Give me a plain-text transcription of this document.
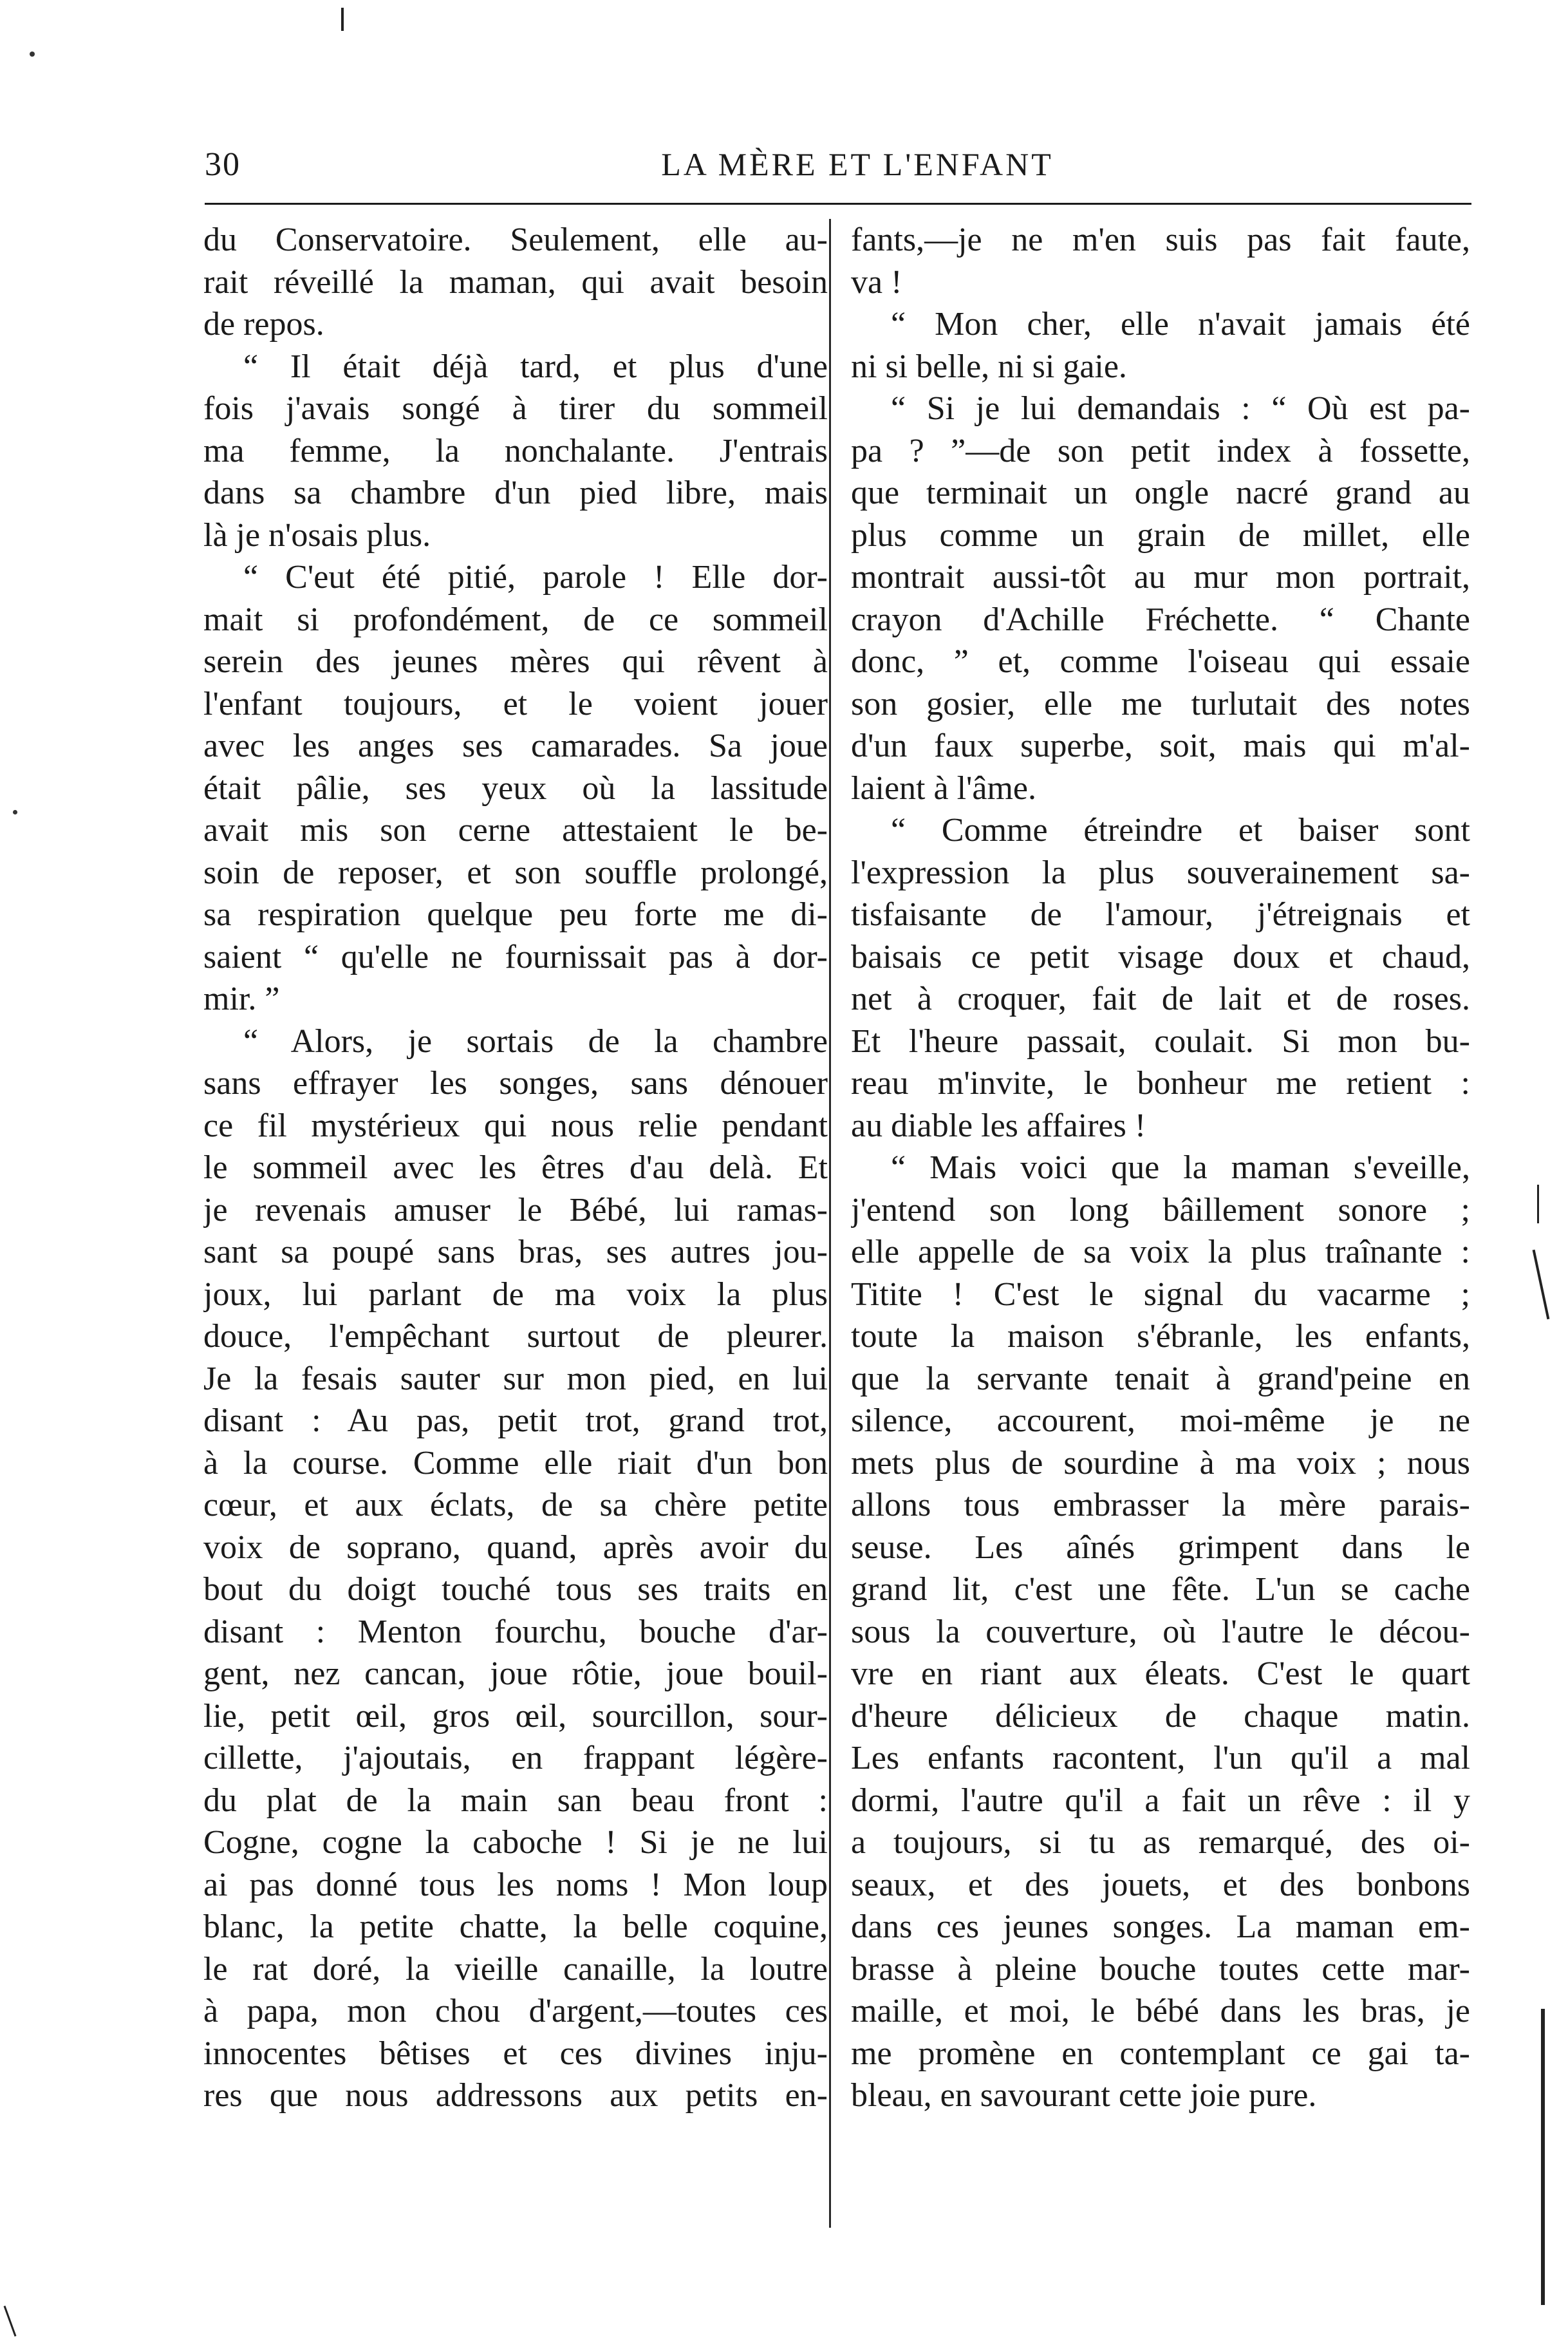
30	LA MÈRE ET L'ENFANT
du Conservatoire. Seulement, elle au-
rait réveillé la maman, qui avait besoin
de repos.
“ Il était déjà tard, et plus d'une
fois j'avais songé à tirer du sommeil
ma femme, la nonchalante. J'entrais
dans sa chambre d'un pied libre, mais
là je n'osais plus.
“ C'eut été pitié, parole ! Elle dor-
mait si profondément, de ce sommeil
serein des jeunes mères qui rêvent à
l'enfant toujours, et le voient jouer
avec les anges ses camarades. Sa joue
était pâlie, ses yeux où la lassitude
avait mis son cerne attestaient le be-
soin de reposer, et son souffle prolongé,
sa respiration quelque peu forte me di-
saient “ qu'elle ne fournissait pas à dor-
mir. ”
“ Alors, je sortais de la chambre
sans effrayer les songes, sans dénouer
ce fil mystérieux qui nous relie pendant
le sommeil avec les êtres d'au delà. Et
je revenais amuser le Bébé, lui ramas-
sant sa poupé sans bras, ses autres jou-
joux, lui parlant de ma voix la plus
douce, l'empêchant surtout de pleurer.
Je la fesais sauter sur mon pied, en lui
disant : Au pas, petit trot, grand trot,
à la course. Comme elle riait d'un bon
cœur, et aux éclats, de sa chère petite
voix de soprano, quand, après avoir du
bout du doigt touché tous ses traits en
disant : Menton fourchu, bouche d'ar-
gent, nez cancan, joue rôtie, joue bouil-
lie, petit œil, gros œil, sourcillon, sour-
cillette, j'ajoutais, en frappant légère-
du plat de la main san beau front :
Cogne, cogne la caboche ! Si je ne lui
ai pas donné tous les noms ! Mon loup
blanc, la petite chatte, la belle coquine,
le rat doré, la vieille canaille, la loutre
à papa, mon chou d'argent,—toutes ces
innocentes bêtises et ces divines inju-
res que nous addressons aux petits en-
fants,—je ne m'en suis pas fait faute,
va !
“ Mon cher, elle n'avait jamais été
ni si belle, ni si gaie.
“ Si je lui demandais : “ Où est pa-
pa ? ”—de son petit index à fossette,
que terminait un ongle nacré grand au
plus comme un grain de millet, elle
montrait aussi-tôt au mur mon portrait,
crayon d'Achille Fréchette. “ Chante
donc, ” et, comme l'oiseau qui essaie
son gosier, elle me turlutait des notes
d'un faux superbe, soit, mais qui m'al-
laient à l'âme.
“ Comme étreindre et baiser sont
l'expression la plus souverainement sa-
tisfaisante de l'amour, j'étreignais et
baisais ce petit visage doux et chaud,
net à croquer, fait de lait et de roses.
Et l'heure passait, coulait. Si mon bu-
reau m'invite, le bonheur me retient :
au diable les affaires !
“ Mais voici que la maman s'eveille,
j'entend son long bâillement sonore ;
elle appelle de sa voix la plus traînante :
Titite ! C'est le signal du vacarme ;
toute la maison s'ébranle, les enfants,
que la servante tenait à grand'peine en
silence, accourent, moi-même je ne
mets plus de sourdine à ma voix ; nous
allons tous embrasser la mère parais-
seuse. Les aînés grimpent dans le
grand lit, c'est une fête. L'un se cache
sous la couverture, où l'autre le décou-
vre en riant aux éleats. C'est le quart
d'heure délicieux de chaque matin.
Les enfants racontent, l'un qu'il a mal
dormi, l'autre qu'il a fait un rêve : il y
a toujours, si tu as remarqué, des oi-
seaux, et des jouets, et des bonbons
dans ces jeunes songes. La maman em-
brasse à pleine bouche toutes cette mar-
maille, et moi, le bébé dans les bras, je
me promène en contemplant ce gai ta-
bleau, en savourant cette joie pure.
